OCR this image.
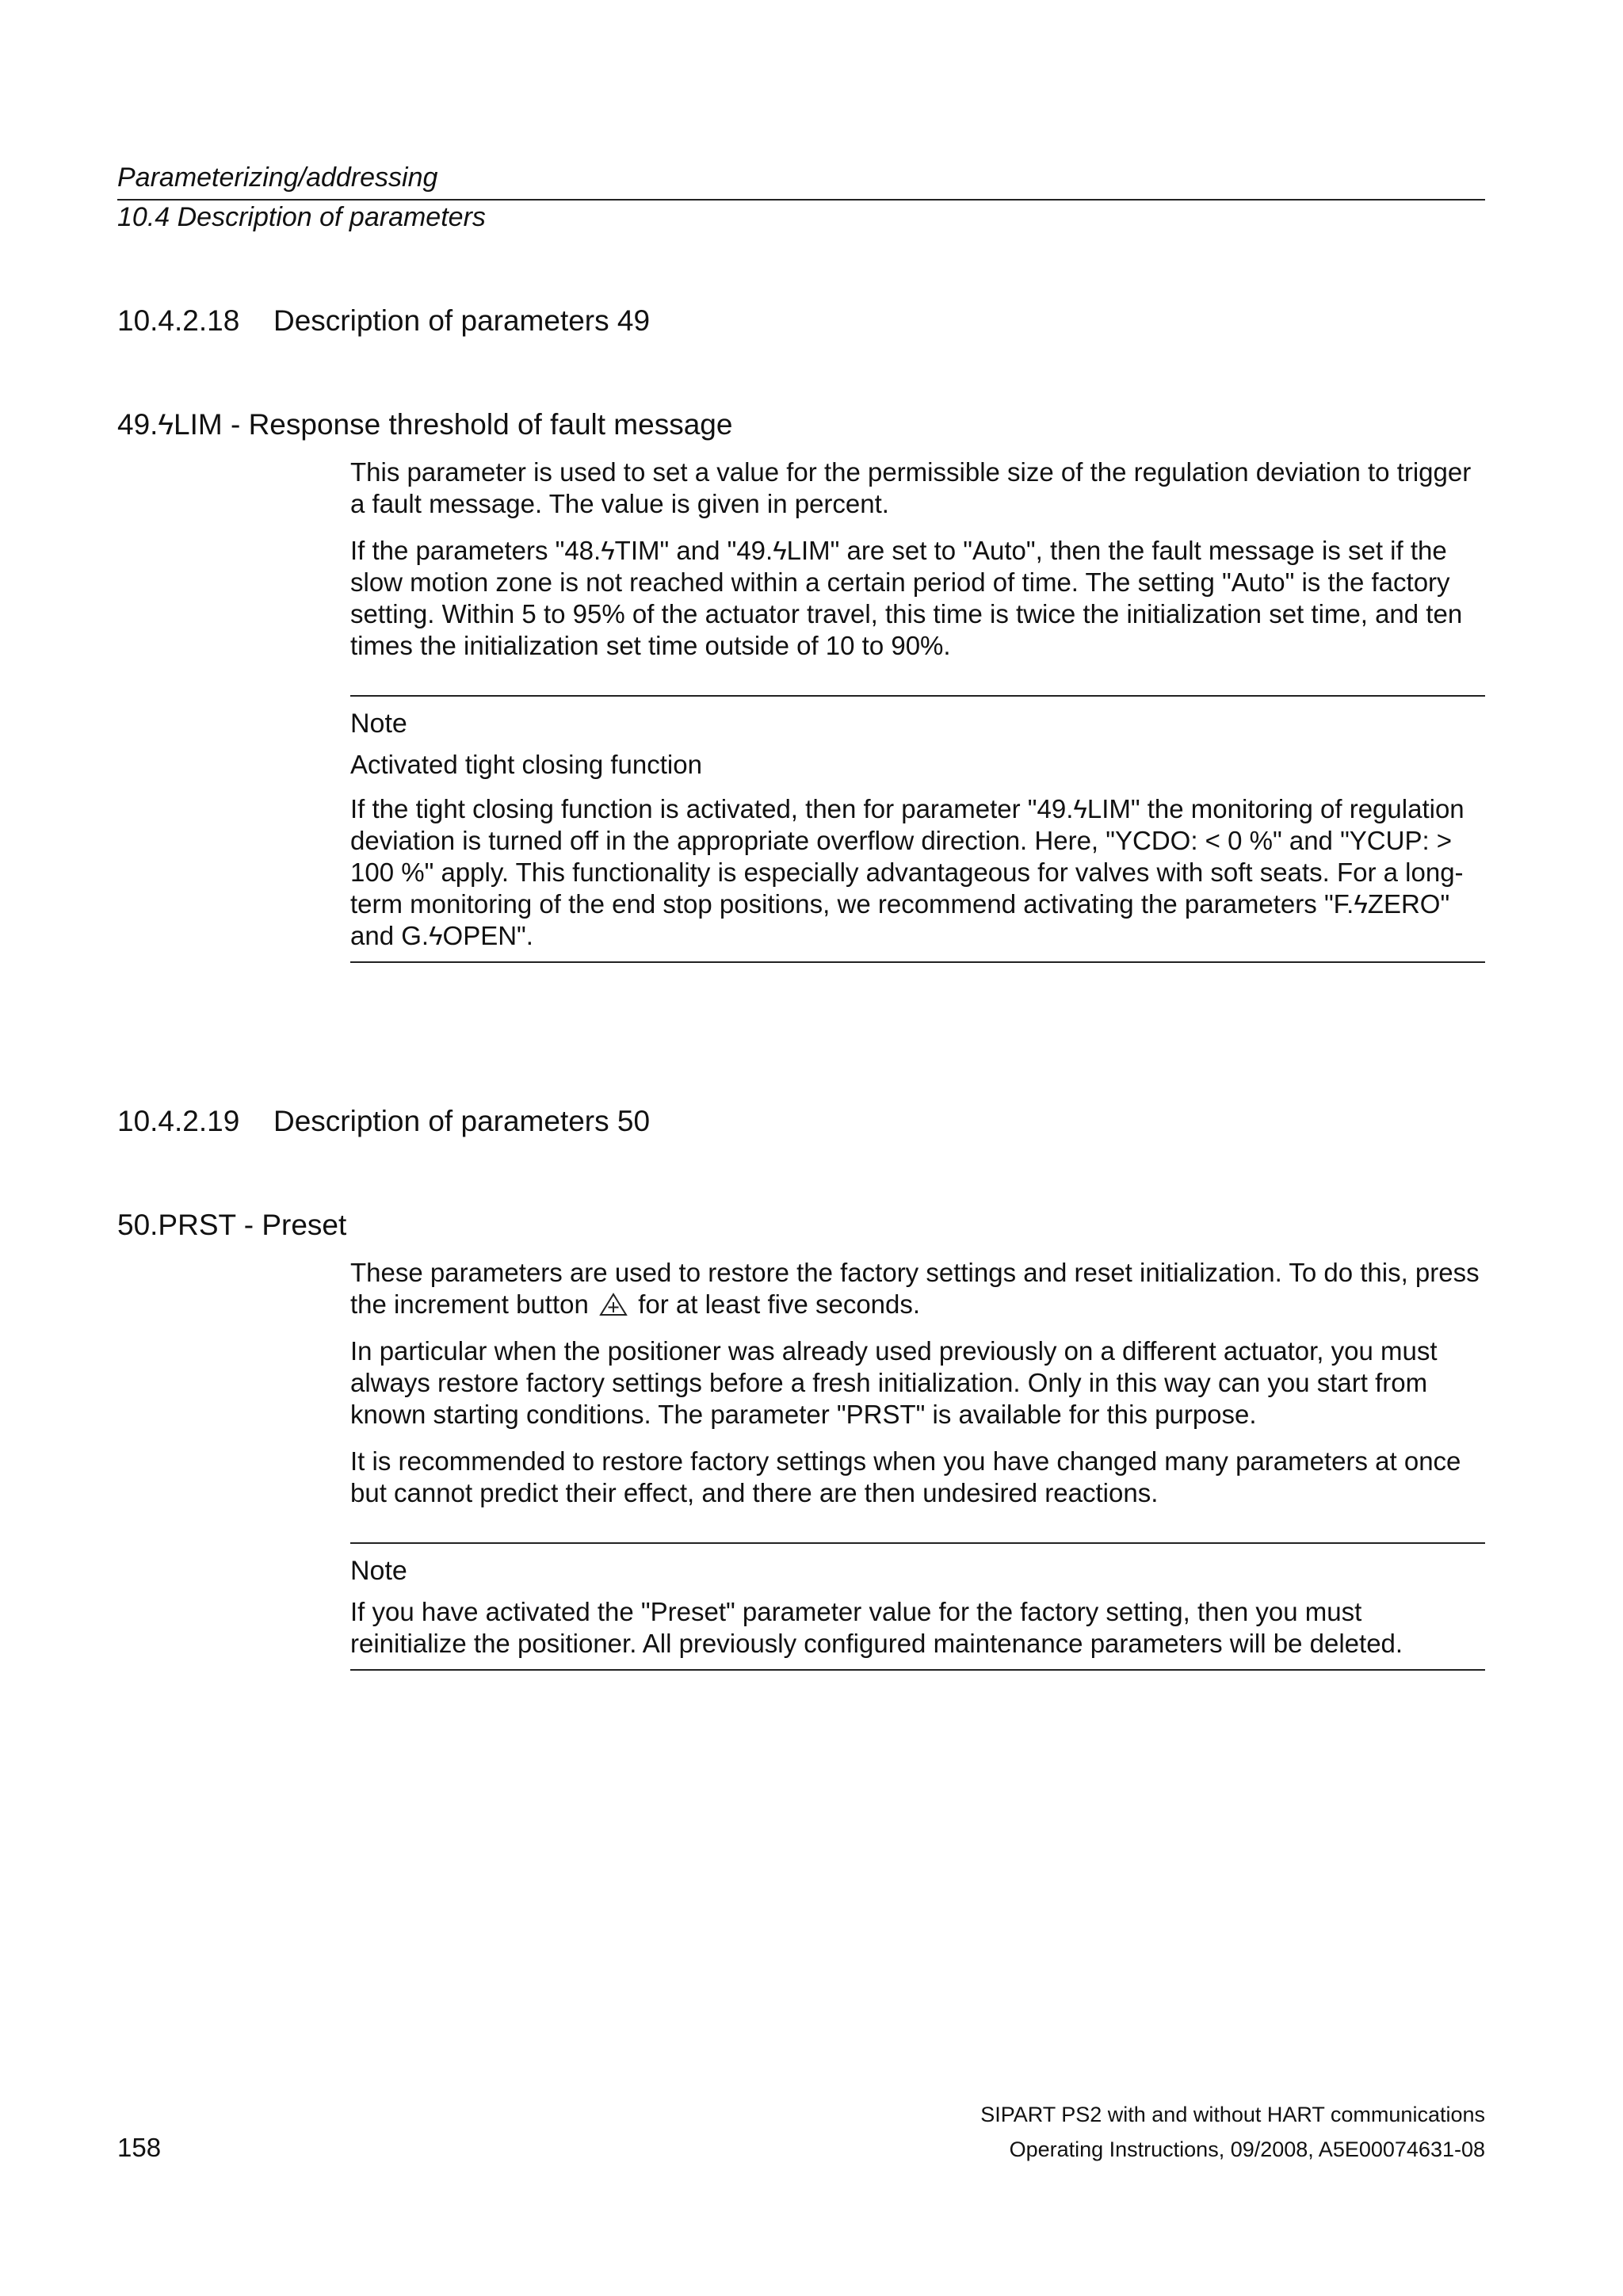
Parameterizing/addressing
10.4 Description of parameters
10.4.2.18 Description of parameters 49
49.ϟLIM - Response threshold of fault message

This parameter is used to set a value for the permissible size of the regulation deviation to trigger a fault message. The value is given in percent.

If the parameters "48.ϟTIM" and "49.ϟLIM" are set to "Auto", then the fault message is set if the slow motion zone is not reached within a certain period of time. The setting "Auto" is the factory setting. Within 5 to 95% of the actuator travel, this time is twice the initialization set time, and ten times the initialization set time outside of 10 to 90%.

Note
Activated tight closing function

If the tight closing function is activated, then for parameter "49.ϟLIM" the monitoring of regulation deviation is turned off in the appropriate overflow direction. Here, "YCDO: < 0 %" and "YCUP: > 100 %" apply. This functionality is especially advantageous for valves with soft seats. For a long-term monitoring of the end stop positions, we recommend activating the parameters "F.ϟZERO" and G.ϟOPEN".

10.4.2.19 Description of parameters 50
50.PRST - Preset

These parameters are used to restore the factory settings and reset initialization. To do this, press the increment button for at least five seconds.

In particular when the positioner was already used previously on a different actuator, you must always restore factory settings before a fresh initialization. Only in this way can you start from known starting conditions. The parameter "PRST" is available for this purpose.

It is recommended to restore factory settings when you have changed many parameters at once but cannot predict their effect, and there are then undesired reactions.

Note

If you have activated the "Preset" parameter value for the factory setting, then you must reinitialize the positioner. All previously configured maintenance parameters will be deleted.

SIPART PS2 with and without HART communications
Operating Instructions, 09/2008, A5E00074631-08
158
